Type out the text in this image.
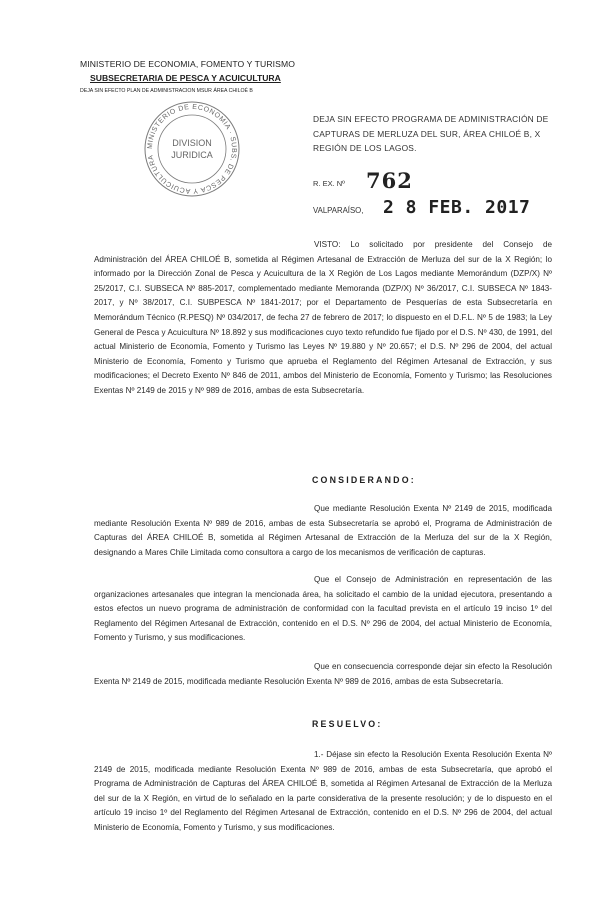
MINISTERIO DE ECONOMIA, FOMENTO Y TURISMO
SUBSECRETARIA DE PESCA Y ACUICULTURA
DEJA SIN EFECTO PLAN DE ADMINISTRACION MSUR ÁREA CHILOÉ B
MINISTERIO DE ECONOMIA · SUBS. DE PESCA Y ACUICULTURA
DIVISION
JURIDICA
DEJA SIN EFECTO PROGRAMA DE ADMINISTRACIÓN DE CAPTURAS DE MERLUZA DEL SUR, ÁREA CHILOÉ B, X REGIÓN DE LOS LAGOS.
R. EX. Nº 762
VALPARAÍSO, 2 8 FEB. 2017
VISTO: Lo solicitado por presidente del Consejo de Administración del ÁREA CHILOÉ B, sometida al Régimen Artesanal de Extracción de Merluza del sur de la X Región; lo informado por la Dirección Zonal de Pesca y Acuicultura de la X Región de Los Lagos mediante Memorándum (DZP/X) Nº 25/2017, C.I. SUBSECA Nº 885-2017, complementado mediante Memoranda (DZP/X) Nº 36/2017, C.I. SUBSECA Nº 1843-2017, y Nº 38/2017, C.I. SUBPESCA Nº 1841-2017; por el Departamento de Pesquerías de esta Subsecretaría en Memorándum Técnico (R.PESQ) Nº 034/2017, de fecha 27 de febrero de 2017; lo dispuesto en el D.F.L. Nº 5 de 1983; la Ley General de Pesca y Acuicultura Nº 18.892 y sus modificaciones cuyo texto refundido fue fijado por el D.S. Nº 430, de 1991, del actual Ministerio de Economía, Fomento y Turismo las Leyes Nº 19.880 y Nº 20.657; el D.S. Nº 296 de 2004, del actual Ministerio de Economía, Fomento y Turismo que aprueba el Reglamento del Régimen Artesanal de Extracción, y sus modificaciones; el Decreto Exento Nº 846 de 2011, ambos del Ministerio de Economía, Fomento y Turismo; las Resoluciones Exentas Nº 2149 de 2015 y Nº 989 de 2016, ambas de esta Subsecretaría.
CONSIDERANDO:
Que mediante Resolución Exenta Nº 2149 de 2015, modificada mediante Resolución Exenta Nº 989 de 2016, ambas de esta Subsecretaría se aprobó el, Programa de Administración de Capturas del ÁREA CHILOÉ B, sometida al Régimen Artesanal de Extracción de la Merluza del sur de la X Región, designando a Mares Chile Limitada como consultora a cargo de los mecanismos de verificación de capturas.
Que el Consejo de Administración en representación de las organizaciones artesanales que integran la mencionada área, ha solicitado el cambio de la unidad ejecutora, presentando a estos efectos un nuevo programa de administración de conformidad con la facultad prevista en el artículo 19 inciso 1º del Reglamento del Régimen Artesanal de Extracción, contenido en el D.S. Nº 296 de 2004, del actual Ministerio de Economía, Fomento y Turismo, y sus modificaciones.
Que en consecuencia corresponde dejar sin efecto la Resolución Exenta Nº 2149 de 2015, modificada mediante Resolución Exenta Nº 989 de 2016, ambas de esta Subsecretaría.
RESUELVO:
1.- Déjase sin efecto la Resolución Exenta Resolución Exenta Nº 2149 de 2015, modificada mediante Resolución Exenta Nº 989 de 2016, ambas de esta Subsecretaría, que aprobó el Programa de Administración de Capturas del ÁREA CHILOÉ B, sometida al Régimen Artesanal de Extracción de la Merluza del sur de la X Región, en virtud de lo señalado en la parte considerativa de la presente resolución; y de lo dispuesto en el artículo 19 inciso 1º del Reglamento del Régimen Artesanal de Extracción, contenido en el D.S. Nº 296 de 2004, del actual Ministerio de Economía, Fomento y Turismo, y sus modificaciones.
